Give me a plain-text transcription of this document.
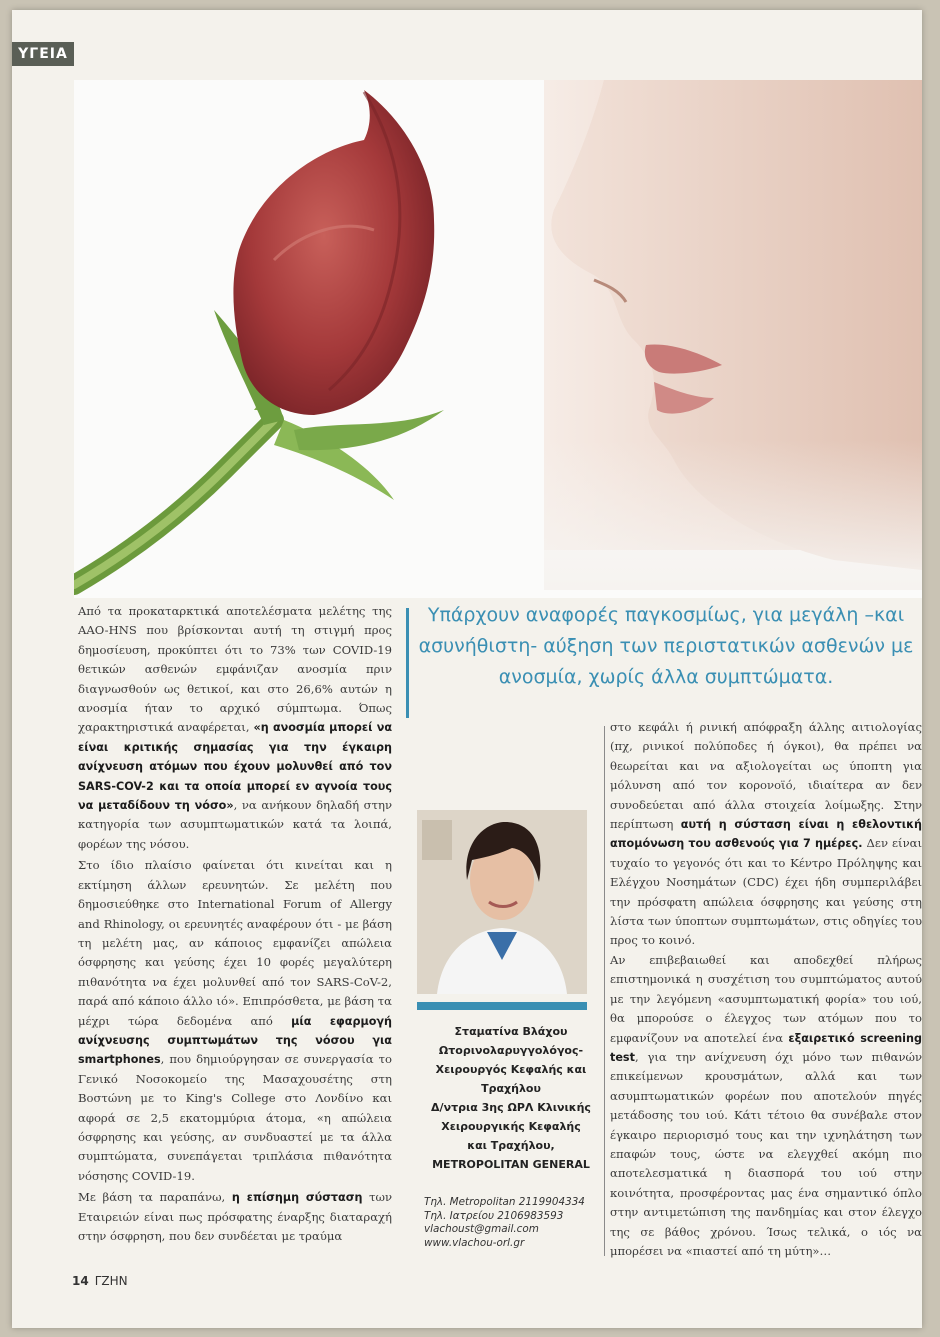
ΥΓΕΙΑ

Από τα προκαταρκτικά αποτελέσματα μελέτης της AAO-HNS που βρίσκονται αυτή τη στιγμή προς δημοσίευση, προκύπτει ότι το 73% των COVID-19 θετικών ασθενών εμφάνιζαν ανοσμία πριν διαγνωσθούν ως θετικοί, και στο 26,6% αυτών η ανοσμία ήταν το αρχικό σύμπτωμα. Όπως χαρακτηριστικά αναφέρεται, «η ανοσμία μπορεί να είναι κριτικής σημασίας για την έγκαιρη ανίχνευση ατόμων που έχουν μολυνθεί από τον SARS-COV-2 και τα οποία μπορεί εν αγνοία τους να μεταδίδουν τη νόσο», να ανήκουν δηλαδή στην κατηγορία των ασυμπτωματικών κατά τα λοιπά, φορέων της νόσου.

Στο ίδιο πλαίσιο φαίνεται ότι κινείται και η εκτίμηση άλλων ερευνητών. Σε μελέτη που δημοσιεύθηκε στο International Forum of Allergy and Rhinology, οι ερευνητές αναφέρουν ότι - με βάση τη μελέτη μας, αν κάποιος εμφανίζει απώλεια όσφρησης και γεύσης έχει 10 φορές μεγαλύτερη πιθανότητα να έχει μολυνθεί από τον SARS-CoV-2, παρά από κάποιο άλλο ιό». Επιπρόσθετα, με βάση τα μέχρι τώρα δεδομένα από μία εφαρμογή ανίχνευσης συμπτωμάτων της νόσου για smartphones, που δημιούργησαν σε συνεργασία το Γενικό Νοσοκομείο της Μασαχουσέτης στη Βοστώνη με το King's College στο Λονδίνο και αφορά σε 2,5 εκατομμύρια άτομα, «η απώλεια όσφρησης και γεύσης, αν συνδυαστεί με τα άλλα συμπτώματα, συνεπάγεται τριπλάσια πιθανότητα νόσησης COVID-19.

Με βάση τα παραπάνω, η επίσημη σύσταση των Εταιρειών είναι πως πρόσφατης έναρξης διαταραχή στην όσφρηση, που δεν συνδέεται με τραύμα

Υπάρχουν αναφορές παγκοσμίως, για μεγάλη –και ασυνήθιστη- αύξηση των περιστατικών ασθενών με ανοσμία, χωρίς άλλα συμπτώματα.
Σταματίνα Βλάχου
Ωτορινολαρυγγολόγος-
Χειρουργός Κεφαλής και
Τραχήλου
Δ/ντρια 3ης ΩΡΛ Κλινικής
Χειρουργικής Κεφαλής
και Τραχήλου,
METROPOLITAN GENERAL
Τηλ. Metropolitan 2119904334
Τηλ. Ιατρείου 2106983593
vlachoust@gmail.com
www.vlachou-orl.gr

στο κεφάλι ή ρινική απόφραξη άλλης αιτιολογίας (πχ, ρινικοί πολύποδες ή όγκοι), θα πρέπει να θεωρείται και να αξιολογείται ως ύποπτη για μόλυνση από τον κορονοϊό, ιδιαίτερα αν δεν συνοδεύεται από άλλα στοιχεία λοίμωξης. Στην περίπτωση αυτή η σύσταση είναι η εθελοντική απομόνωση του ασθενούς για 7 ημέρες. Δεν είναι τυχαίο το γεγονός ότι και το Κέντρο Πρόληψης και Ελέγχου Νοσημάτων (CDC) έχει ήδη συμπεριλάβει την πρόσφατη απώλεια όσφρησης και γεύσης στη λίστα των ύποπτων συμπτωμάτων, στις οδηγίες του προς το κοινό.

Αν επιβεβαιωθεί και αποδεχθεί πλήρως επιστημονικά η συσχέτιση του συμπτώματος αυτού με την λεγόμενη «ασυμπτωματική φορία» του ιού, θα μπορούσε ο έλεγχος των ατόμων που το εμφανίζουν να αποτελεί ένα εξαιρετικό screening test, για την ανίχνευση όχι μόνο των πιθανών επικείμενων κρουσμάτων, αλλά και των ασυμπτωματικών φορέων που αποτελούν πηγές μετάδοσης του ιού. Κάτι τέτοιο θα συνέβαλε στον έγκαιρο περιορισμό τους και την ιχνηλάτηση των επαφών τους, ώστε να ελεγχθεί ακόμη πιο αποτελεσματικά η διασπορά του ιού στην κοινότητα, προσφέροντας μας ένα σημαντικό όπλο στην αντιμετώπιση της πανδημίας και στον έλεγχο της σε βάθος χρόνου. Ίσως τελικά, ο ιός να μπορέσει να «πιαστεί από τη μύτη»…

14 ΓΖΗΝ
